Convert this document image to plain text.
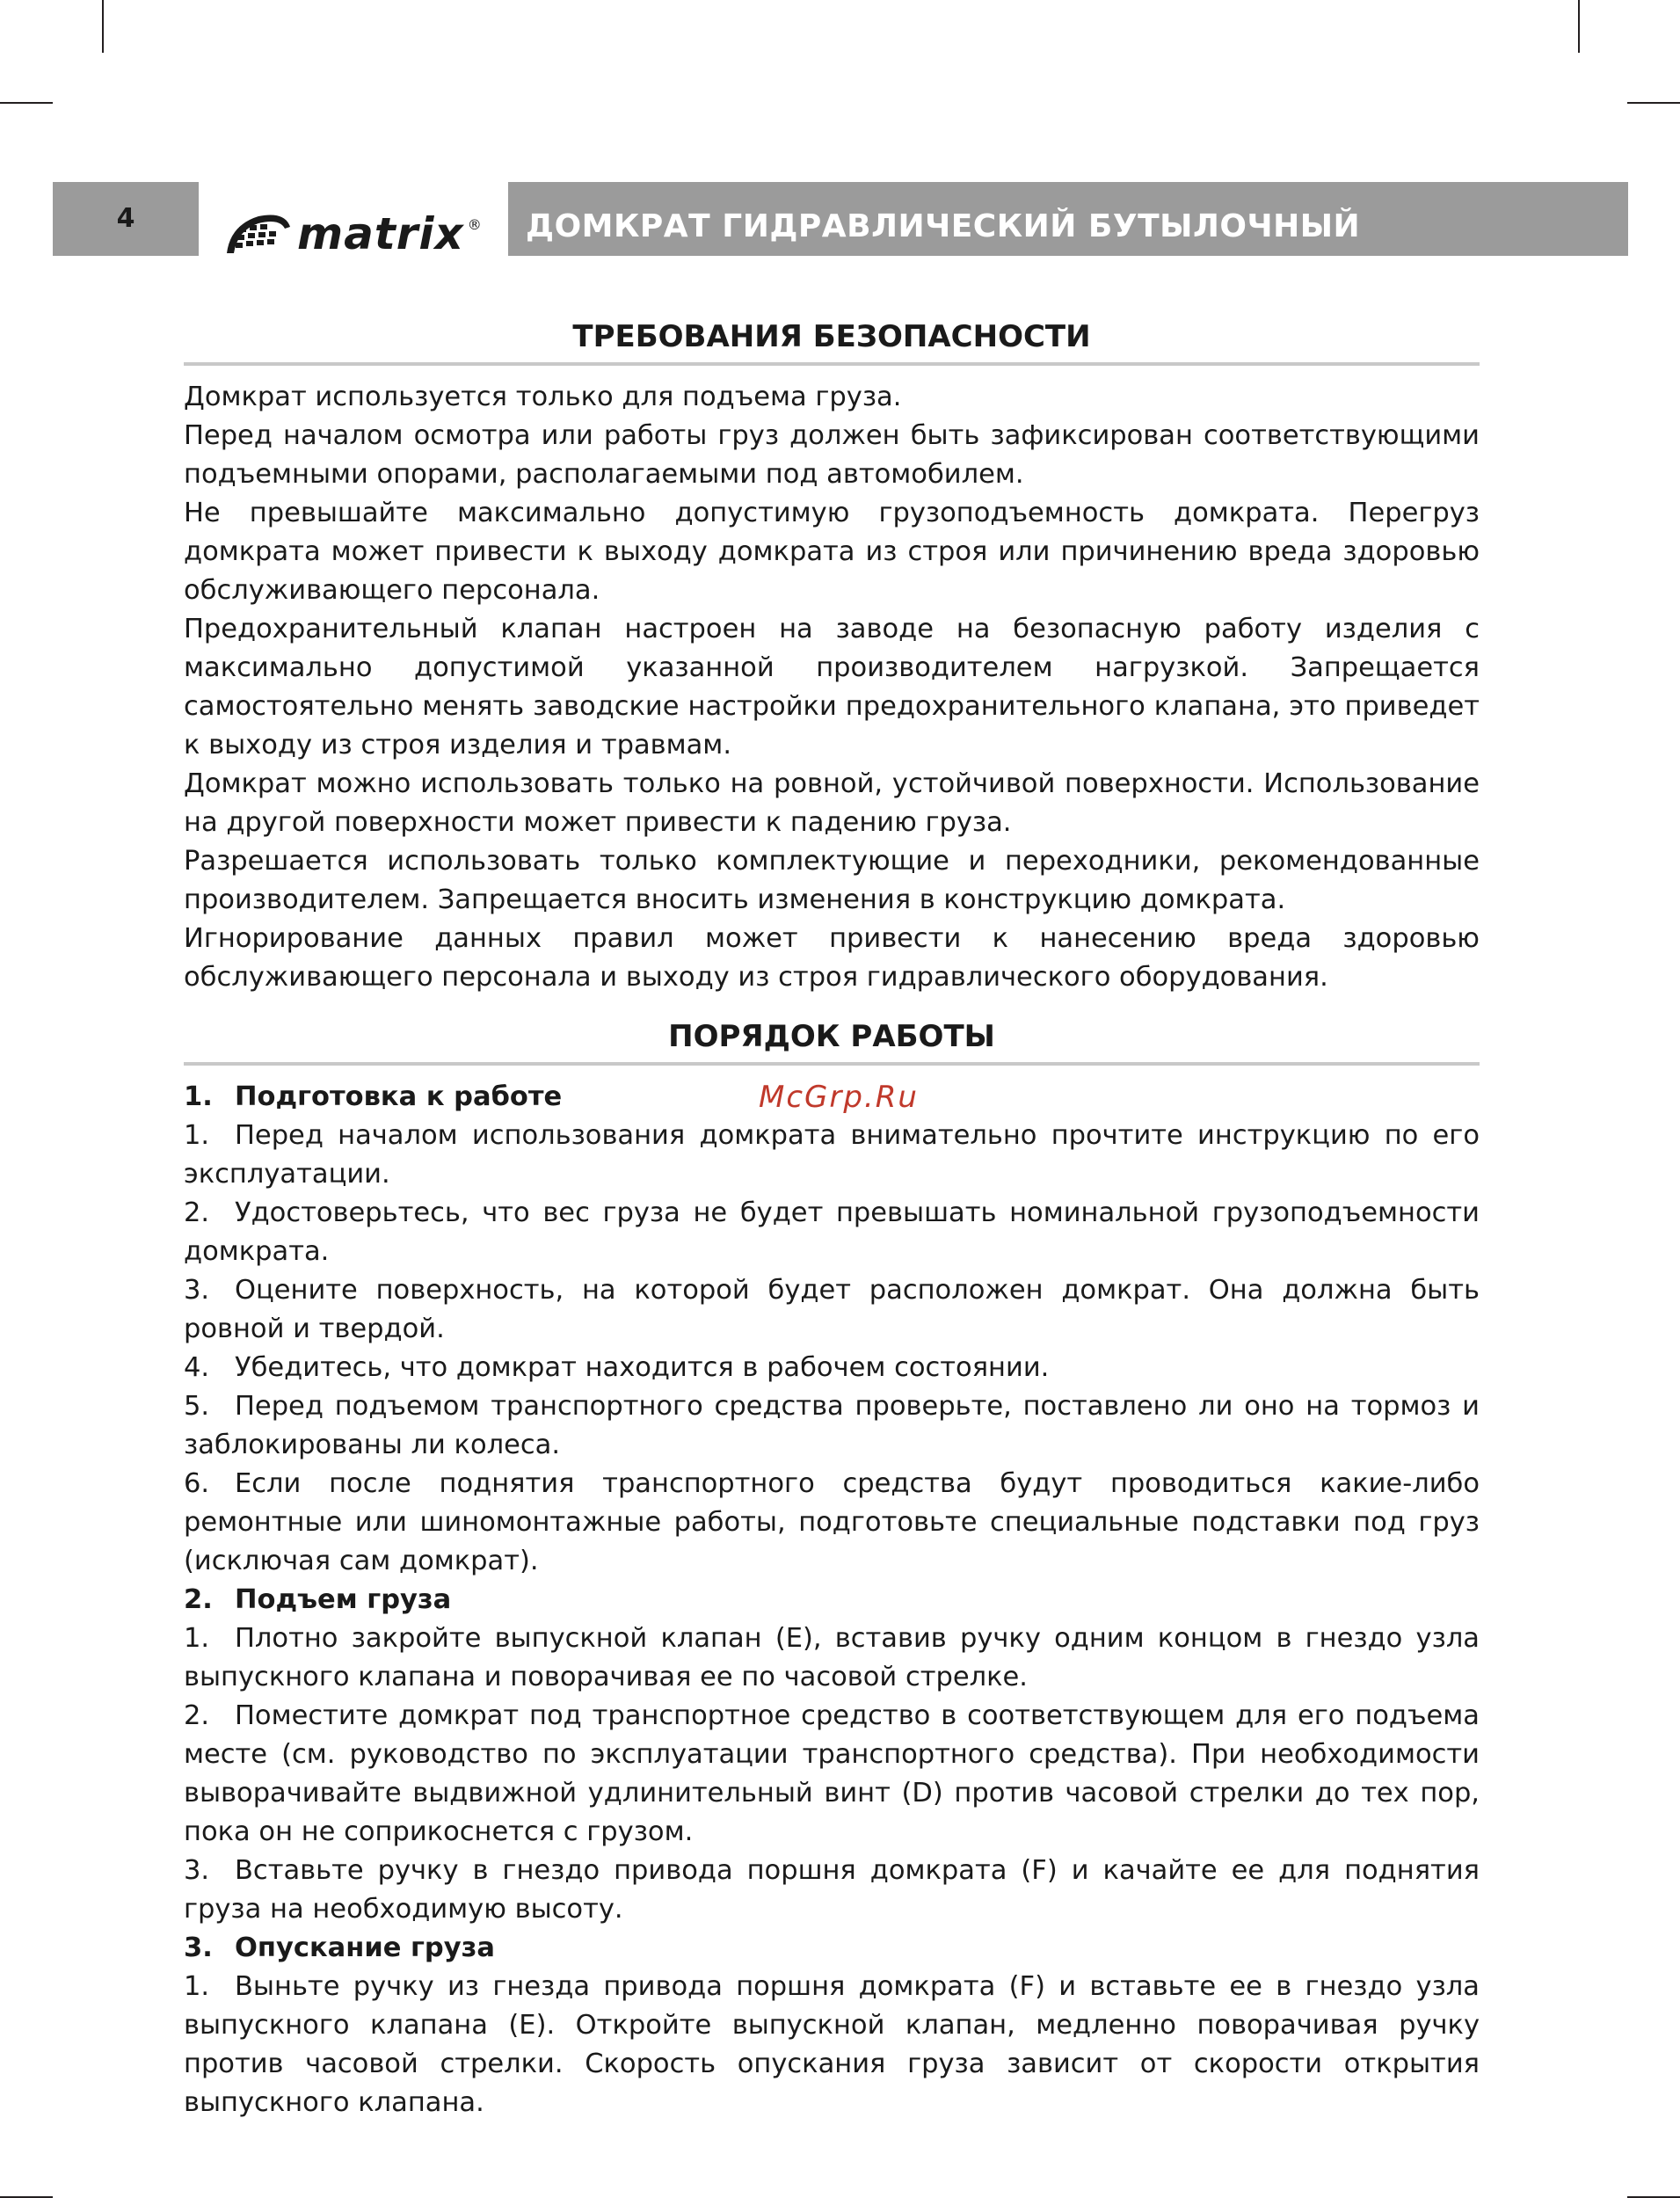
4	matrix ® ДОМКРАТ ГИДРАВЛИЧЕСКИЙ БУТЫЛОЧНЫЙ
McGrp.Ru
ТРЕБОВАНИЯ БЕЗОПАСНОСТИ

Домкрат используется только для подъема груза.

Перед началом осмотра или работы груз должен быть зафиксирован соответствующими подъемными опорами, располагаемыми под автомобилем.

Не превышайте максимально допустимую грузоподъемность домкрата. Перегруз домкрата может привести к выходу домкрата из строя или причинению вреда здоровью обслуживающего персонала.

Предохранительный клапан настроен на заводе на безопасную работу изделия с максимально допустимой указанной производителем нагрузкой. Запрещается самостоятельно менять заводские настройки предохранительного клапана, это приведет к выходу из строя изделия и травмам.

Домкрат можно использовать только на ровной, устойчивой поверхности. Использование на другой поверхности может привести к падению груза.

Разрешается использовать только комплектующие и переходники, рекомендованные производителем. Запрещается вносить изменения в конструкцию домкрата.

Игнорирование данных правил может привести к нанесению вреда здоровью обслуживающего персонала и выходу из строя гидравлического оборудования.

ПОРЯДОК РАБОТЫ

1. Подготовка к работе

1. Перед началом использования домкрата внимательно прочтите инструкцию по его эксплуатации.

2. Удостоверьтесь, что вес груза не будет превышать номинальной грузоподъемности домкрата.

3. Оцените поверхность, на которой будет расположен домкрат. Она должна быть ровной и твердой.

4. Убедитесь, что домкрат находится в рабочем состоянии.

5. Перед подъемом транспортного средства проверьте, поставлено ли оно на тормоз и заблокированы ли колеса.

6. Если после поднятия транспортного средства будут проводиться какие-либо ремонтные или шиномонтажные работы, подготовьте специальные подставки под груз (исключая сам домкрат).

2. Подъем груза

1. Плотно закройте выпускной клапан (E), вставив ручку одним концом в гнездо узла выпускного клапана и поворачивая ее по часовой стрелке.

2. Поместите домкрат под транспортное средство в соответствующем для его подъема месте (см. руководство по эксплуатации транспортного средства). При необходимости выворачивайте выдвижной удлинительный винт (D) против часовой стрелки до тех пор, пока он не соприкоснется с грузом.

3. Вставьте ручку в гнездо привода поршня домкрата (F) и качайте ее для поднятия груза на необходимую высоту.

3. Опускание груза

1. Выньте ручку из гнезда привода поршня домкрата (F) и вставьте ее в гнездо узла выпускного клапана (E). Откройте выпускной клапан, медленно поворачивая ручку против часовой стрелки. Скорость опускания груза зависит от скорости открытия выпускного клапана.
